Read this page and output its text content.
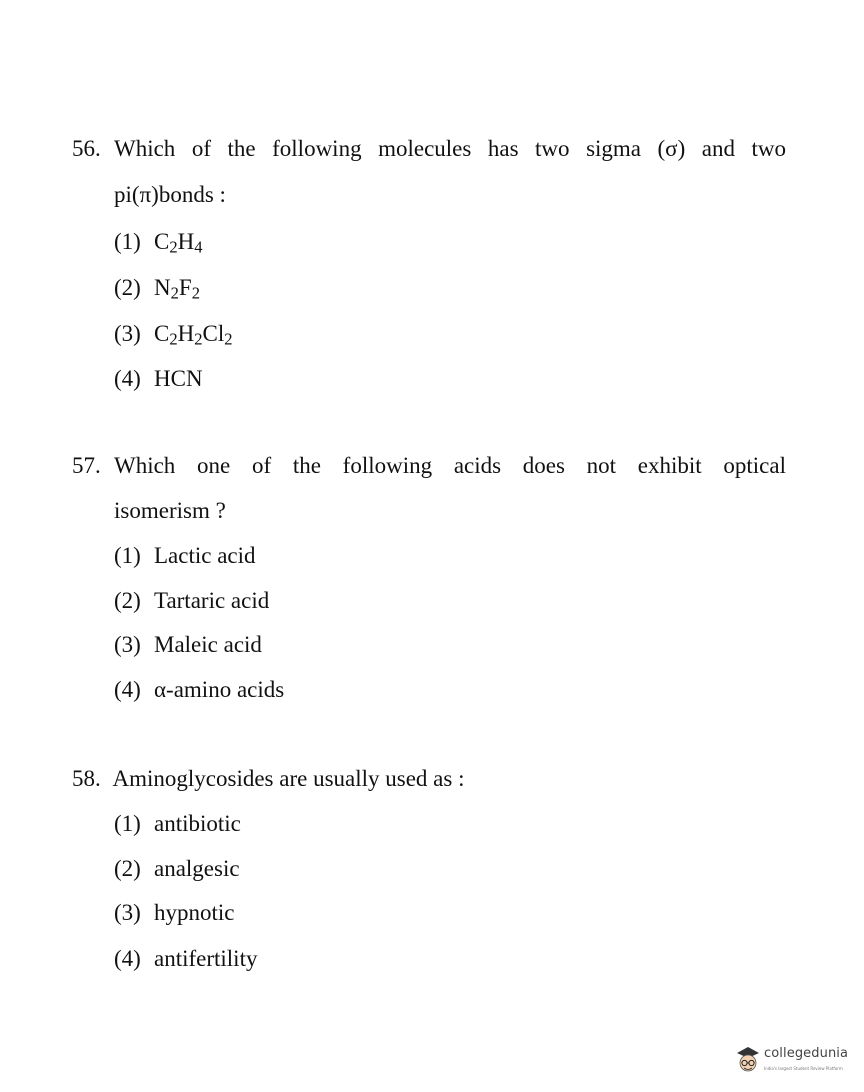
56. Which of the following molecules has two sigma (σ) and two
pi(π)bonds :
(1) $C_2H_4$
(2) $N_2F_2$
(3) $C_2H_2Cl_2$
(4) HCN
57. Which one of the following acids does not exhibit optical
isomerism ?
(1) Lactic acid
(2) Tartaric acid
(3) Maleic acid
(4) α-amino acids
58. Aminoglycosides are usually used as :
(1) antibiotic
(2) analgesic
(3) hypnotic
(4) antifertility
collegedunia
India's largest Student Review Platform
